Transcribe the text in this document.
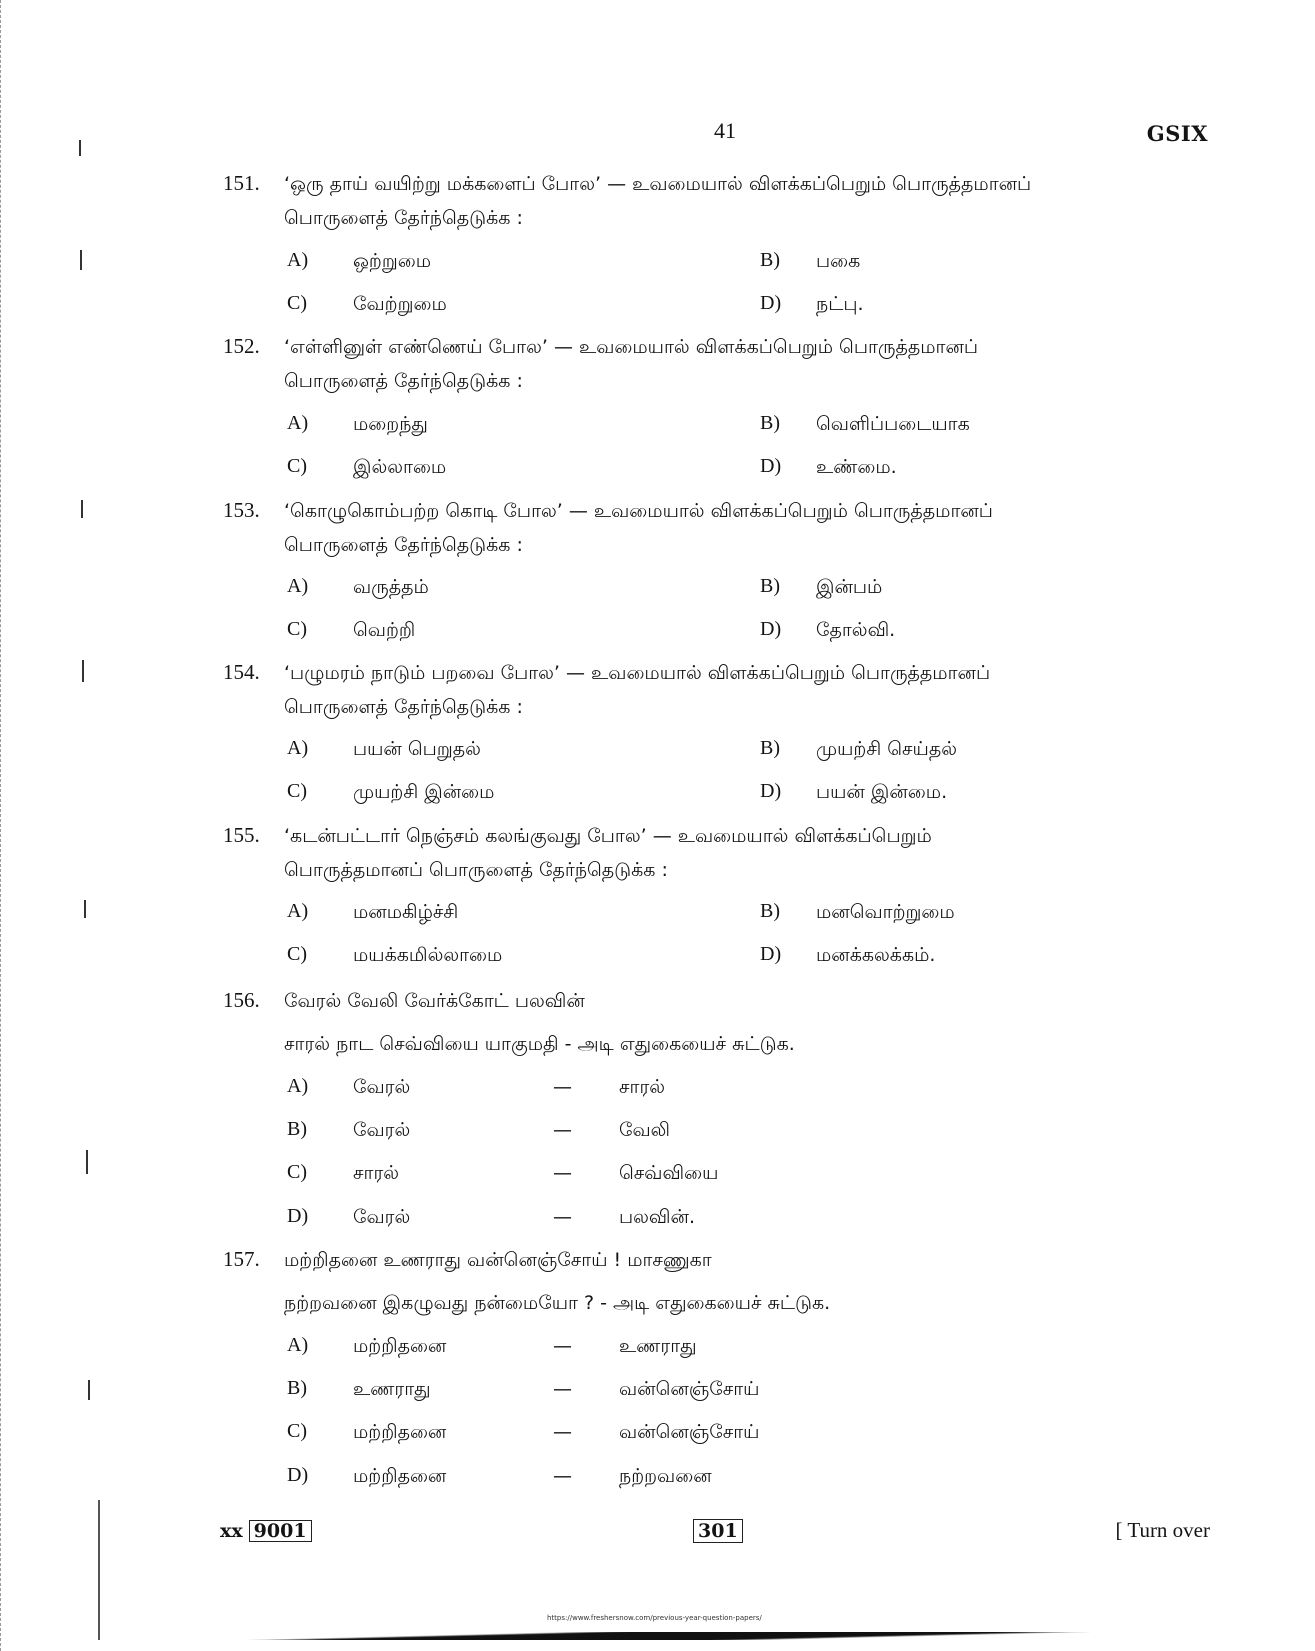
41	GSIX
151. ‘ஒரு தாய் வயிற்று மக்களைப் போல’ — உவமையால் விளக்கப்பெறும் பொருத்தமானப்
பொருளைத் தேர்ந்தெடுக்க :
A) ஒற்றுமை	B) பகை
C) வேற்றுமை	D) நட்பு.
152. ‘எள்ளினுள் எண்ணெய் போல’ — உவமையால் விளக்கப்பெறும் பொருத்தமானப்
பொருளைத் தேர்ந்தெடுக்க :
A) மறைந்து	B) வெளிப்படையாக
C) இல்லாமை	D) உண்மை.
153. ‘கொழுகொம்பற்ற கொடி போல’ — உவமையால் விளக்கப்பெறும் பொருத்தமானப்
பொருளைத் தேர்ந்தெடுக்க :
A) வருத்தம்	B) இன்பம்
C) வெற்றி	D) தோல்வி.
154. ‘பழுமரம் நாடும் பறவை போல’ — உவமையால் விளக்கப்பெறும் பொருத்தமானப்
பொருளைத் தேர்ந்தெடுக்க :
A) பயன் பெறுதல்	B) முயற்சி செய்தல்
C) முயற்சி இன்மை	D) பயன் இன்மை.
155. ‘கடன்பட்டார் நெஞ்சம் கலங்குவது போல’ — உவமையால் விளக்கப்பெறும்
பொருத்தமானப் பொருளைத் தேர்ந்தெடுக்க :
A) மனமகிழ்ச்சி	B) மனவொற்றுமை
C) மயக்கமில்லாமை	D) மனக்கலக்கம்.
156. வேரல் வேலி வேர்க்கோட் பலவின்
சாரல் நாட செவ்வியை யாகுமதி - அடி எதுகையைச் சுட்டுக.
A) வேரல்	— சாரல்
B) வேரல்	— வேலி
C) சாரல்	— செவ்வியை
D) வேரல்	— பலவின்.
157. மற்றிதனை உணராது வன்னெஞ்சோய் ! மாசணுகா
நற்றவனை இகழுவது நன்மையோ ? - அடி எதுகையைச் சுட்டுக.
A) மற்றிதனை	— உணராது
B) உணராது	— வன்னெஞ்சோய்
C) மற்றிதனை	— வன்னெஞ்சோய்
D) மற்றிதனை	— நற்றவனை
xx 9001	301	[ Turn over
https://www.freshersnow.com/previous-year-question-papers/
